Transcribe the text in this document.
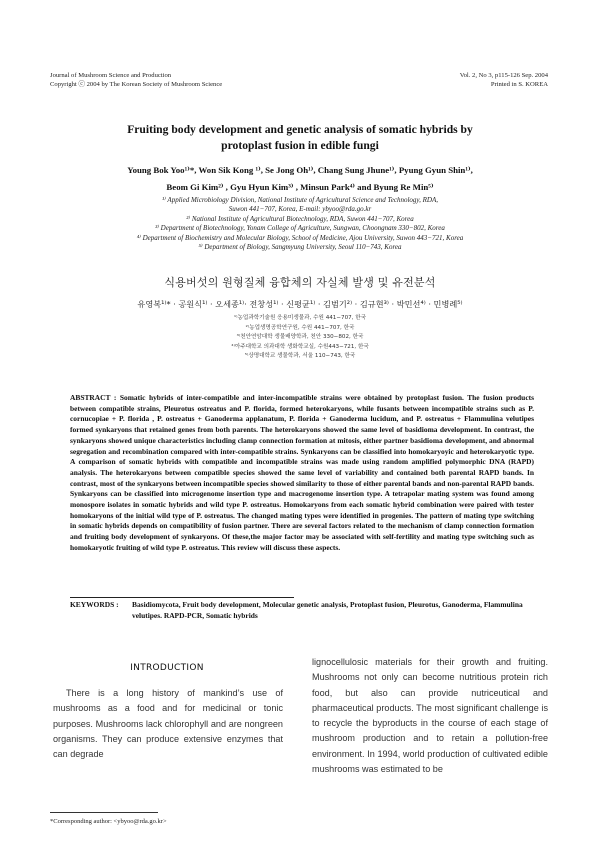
Journal of Mushroom Science and Production
Copyright ⓒ 2004 by The Korean Society of Mushroom Science
Vol. 2, No 3, p115-126 Sep. 2004
Printed in S. KOREA
Fruiting body development and genetic analysis of somatic hybrids by
protoplast fusion in edible fungi
Young Bok Yoo¹⁾*, Won Sik Kong ¹⁾, Se Jong Oh¹⁾, Chang Sung Jhune¹⁾, Pyung Gyun Shin¹⁾,
Beom Gi Kim²⁾ , Gyu Hyun Kim³⁾ , Minsun Park⁴⁾ and Byung Re Min⁵⁾
¹⁾ Applied Microbiology Division, National Institute of Agricultural Science and Technology, RDA,
Suwon 441−707, Korea, E-mail: ybyoo@rda.go.kr
²⁾ National Institute of Agricultural Biotechnology, RDA, Suwon 441−707, Korea
³⁾ Department of Biotechnology, Yonam College of Agriculture, Sungwan, Choongnam 330−802, Korea
⁴⁾ Department of Biochemistry and Molecular Biology, School of Medicine, Ajou University, Suwon 443−721, Korea
⁵⁾ Department of Biology, Sangmyung University, Seoul 110−743, Korea
식용버섯의 원형질체 융합체의 자실체 발생 및 유전분석
유영복¹⁾* · 공원식¹⁾ · 오세종¹⁾· 전창성¹⁾ · 신평균¹⁾ · 김범기²⁾ · 김규현³⁾ · 박민선⁴⁾ · 민병례⁵⁾
¹⁾농업과학기술원 응용미생물과, 수원 441−707, 한국
²⁾농업생명공학연구원, 수원 441−707, 한국
³⁾천안연암대학 생물배양학과, 천안 330−802, 한국
⁴⁾아주대학교 의과대학 생화학교실, 수원443−721, 한국
⁵⁾상명대학교 생물학과, 서울 110−743, 한국
ABSTRACT : Somatic hybrids of inter-compatible and inter-incompatible strains were obtained by protoplast fusion. The fusion products between compatible strains, Pleurotus ostreatus and P. florida, formed heterokaryons, while fusants between incompatible strains such as P. cornucopiae + P. florida , P. ostreatus + Ganoderma applanatum, P. florida + Ganoderma lucidum, and P. ostreatus + Flammulina velutipes formed synkaryons that retained genes from both parents. The heterokaryons showed the same level of basidioma development. In contrast, the synkaryons showed unique characteristics including clamp connection formation at mitosis, either partner basidioma development, and abnormal segregation and recombination compared with inter-compatible strains. Synkaryons can be classified into homokaryoyic and heterokaryotic type. A comparison of somatic hybrids with compatible and incompatible strains was made using random amplified polymorphic DNA (RAPD) analysis. The heterokaryons between compatible species showed the same level of variability and contained both parental RAPD bands. In contrast, most of the synkaryons between incompatible species showed similarity to those of either parental bands and non-parental RAPD bands. Synkaryons can be classified into microgenome insertion type and macrogenome insertion type. A tetrapolar mating system was found among monospore isolates in somatic hybrids and wild type P. ostreatus. Homokaryons from each somatic hybrid combination were paired with tester homokaryons of the initial wild type of P. ostreatus. The changed mating types were identified in progenies. The pattern of mating type switching in somatic hybrids depends on compatibility of fusion partner. There are several factors related to the mechanism of clamp connection formation and fruiting body development of synkaryons. Of these,the major factor may be associated with self-fertility and mating type switching such as homokaryotic fruiting of wild type P. ostreatus. This review will discuss these aspects.
KEYWORDS : Basidiomycota, Fruit body development, Molecular genetic analysis, Protoplast fusion, Pleurotus, Ganoderma, Flammulina velutipes. RAPD-PCR, Somatic hybrids
INTRODUCTION

There is a long history of mankind’s use of mushrooms as a food and for medicinal or tonic purposes. Mushrooms lack chlorophyll and are nongreen organisms. They can produce extensive enzymes that can degrade

lignocellulosic materials for their growth and fruiting. Mushrooms not only can become nutritious protein rich food, but also can provide nutriceutical and pharmaceutical products. The most significant challenge is to recycle the byproducts in the course of each stage of mushroom production and to retain a pollution-free environment. In 1994, world production of cultivated edible mushrooms was estimated to be

*Corresponding author: <ybyoo@rda.go.kr>
